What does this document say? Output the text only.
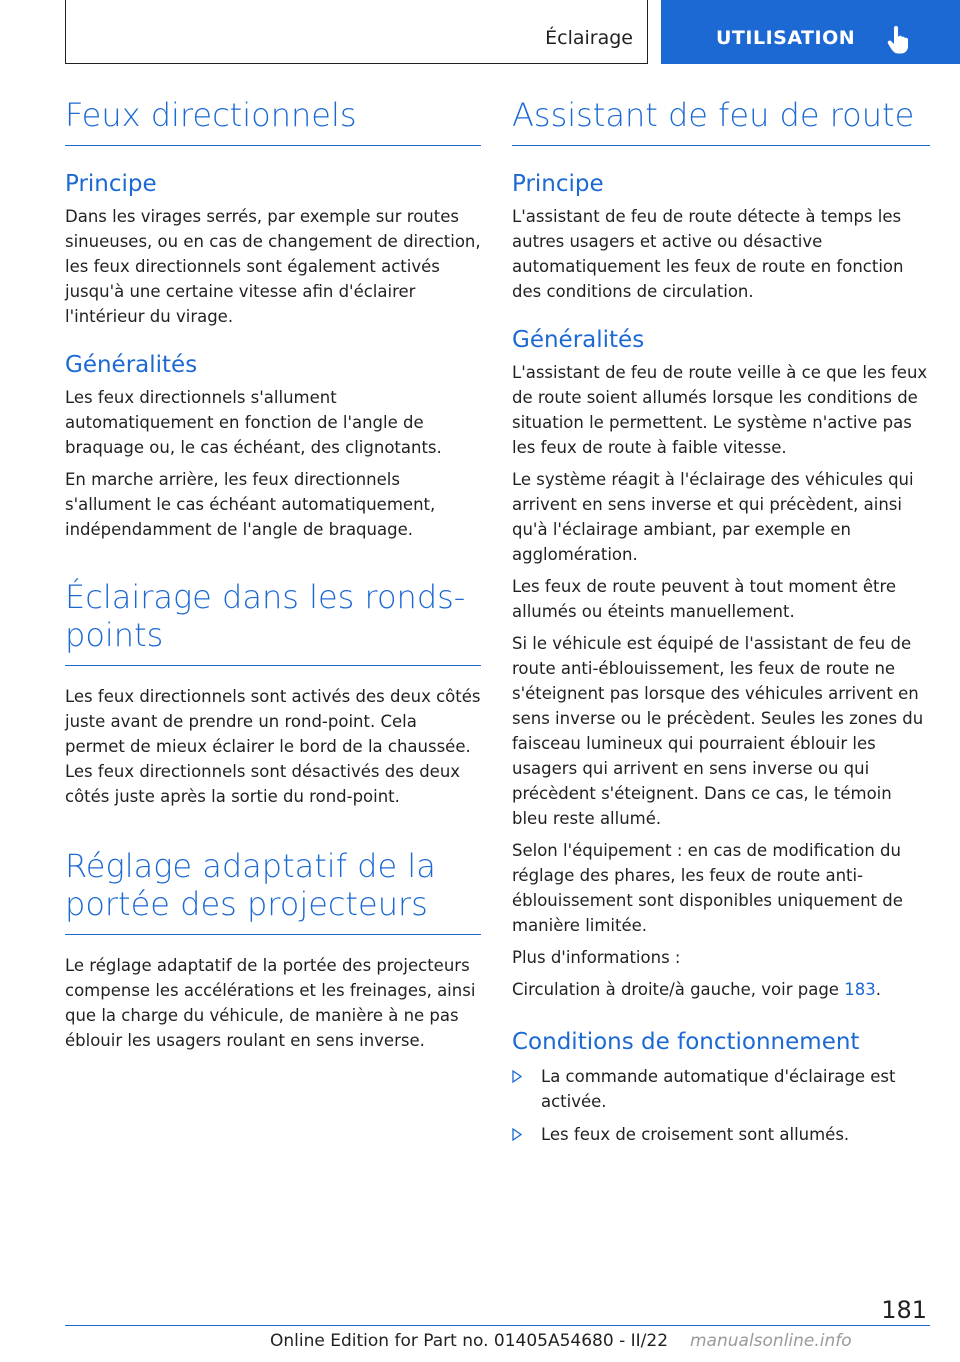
Éclairage	UTILISATION
Feux directionnels
Principe

Dans les virages serrés, par exemple sur routes sinueuses, ou en cas de changement de direction, les feux directionnels sont également activés jusqu'à une certaine vitesse afin d'éclairer l'intérieur du virage.

Généralités

Les feux directionnels s'allument automatiquement en fonction de l'angle de braquage ou, le cas échéant, des clignotants.

En marche arrière, les feux directionnels s'allument le cas échéant automatiquement, indépendamment de l'angle de braquage.

Éclairage dans les ronds-points

Les feux directionnels sont activés des deux côtés juste avant de prendre un rond-point. Cela permet de mieux éclairer le bord de la chaussée. Les feux directionnels sont désactivés des deux côtés juste après la sortie du rond-point.

Réglage adaptatif de la portée des projecteurs

Le réglage adaptatif de la portée des projecteurs compense les accélérations et les freinages, ainsi que la charge du véhicule, de manière à ne pas éblouir les usagers roulant en sens inverse.

Assistant de feu de route
Principe

L'assistant de feu de route détecte à temps les autres usagers et active ou désactive automatiquement les feux de route en fonction des conditions de circulation.

Généralités

L'assistant de feu de route veille à ce que les feux de route soient allumés lorsque les conditions de situation le permettent. Le système n'active pas les feux de route à faible vitesse.

Le système réagit à l'éclairage des véhicules qui arrivent en sens inverse et qui précèdent, ainsi qu'à l'éclairage ambiant, par exemple en agglomération.

Les feux de route peuvent à tout moment être allumés ou éteints manuellement.

Si le véhicule est équipé de l'assistant de feu de route anti-éblouissement, les feux de route ne s'éteignent pas lorsque des véhicules arrivent en sens inverse ou le précèdent. Seules les zones du faisceau lumineux qui pourraient éblouir les usagers qui arrivent en sens inverse ou qui précèdent s'éteignent. Dans ce cas, le témoin bleu reste allumé.

Selon l'équipement : en cas de modification du réglage des phares, les feux de route anti-éblouissement sont disponibles uniquement de manière limitée.

Plus d'informations :

Circulation à droite/à gauche, voir page 183.

Conditions de fonctionnement
La commande automatique d'éclairage est activée.
Les feux de croisement sont allumés.
181
Online Edition for Part no. 01405A54680 - II/22 manualsonline.info
